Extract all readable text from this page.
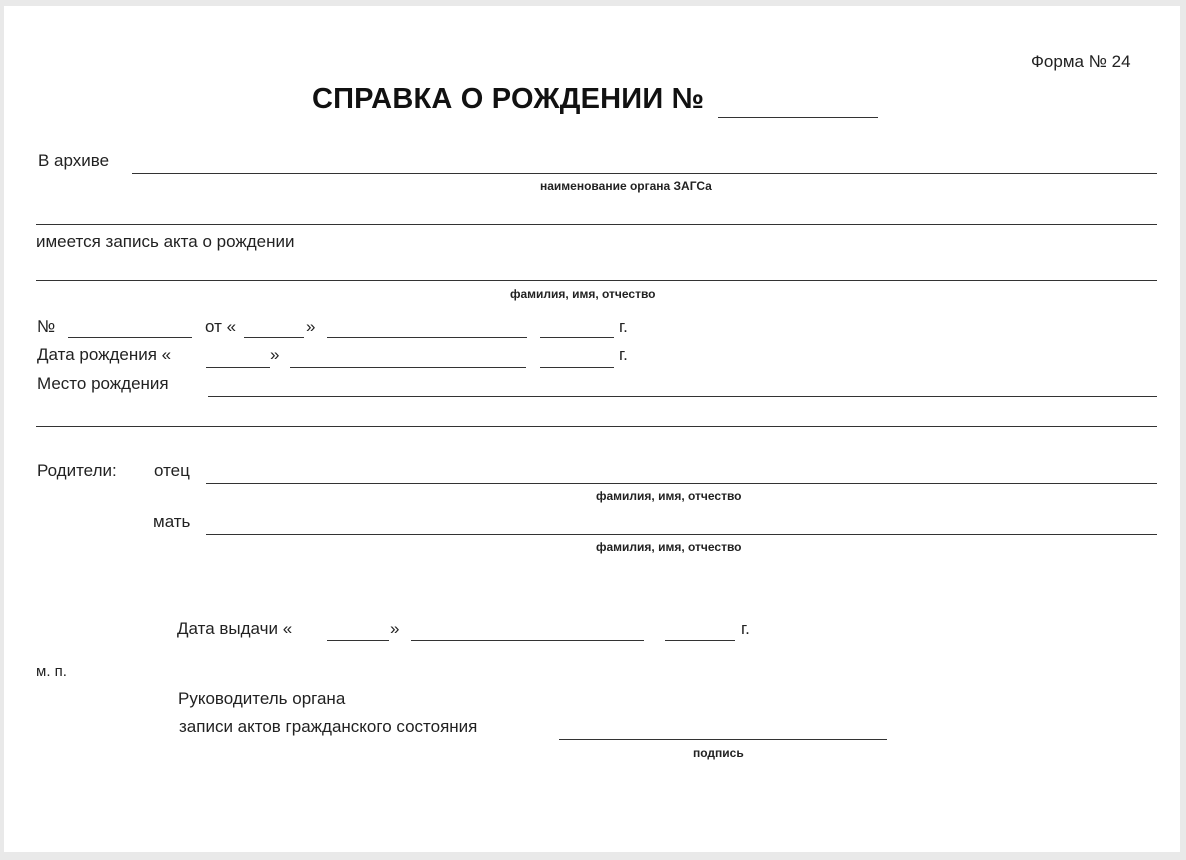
Форма № 24
СПРАВКА О РОЖДЕНИИ №
В архиве
наименование органа ЗАГСа
имеется запись акта о рождении
фамилия, имя, отчество
№	от «	»	г.
Дата рождения «	»	г.
Место рождения
Родители: отец
фамилия, имя, отчество
мать
фамилия, имя, отчество
Дата выдачи «	»	г.
м. п.
Руководитель органа
записи актов гражданского состояния
подпись
